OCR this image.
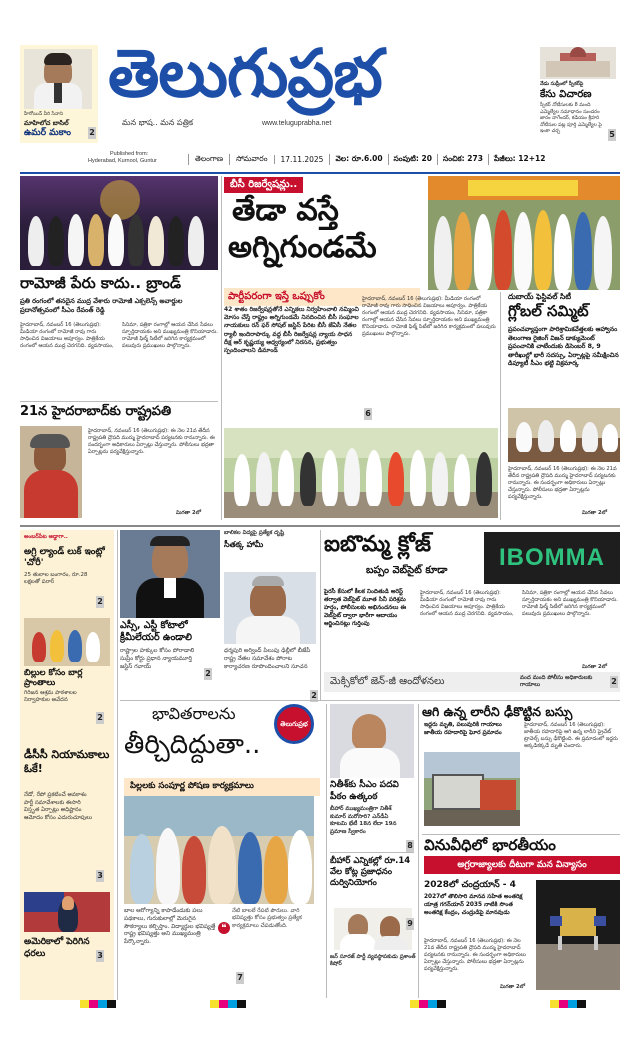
హీరోయిన్ వీరి సేనాని
మాహిలోచ బాసిల్
ఉమర్ మకాం	2
తెలుగుప్రభ
మన భాష.. మన పత్రిక	www.teluguprabha.net
నేడు సుప్రీంలో స్పీకర్‌పై
కేసు విచారణ
స్పీకర్ నోటీసులకు 8 మంది ఎమ్మెల్యేల సమాధానం సుందరం జారం నాగేందర్, కడియం శ్రీహరి నోటీసుల పట్ల పూర్తి ఎమ్మెల్యేల పై ఇంకా చర్చ	5
Published from:
Hyderabad, Kurnool, Guntur	తెలంగాణ	సోమవారం	17.11.2025	వెల: రూ.6.00	సంపుటి: 20	సంచిక: 273	పేజీలు: 12+12
రామోజీ పేరు కాదు.. బ్రాండ్
ప్రతి రంగంలో తనదైన ముద్ర వేశారు రామోజీ ఎక్సలెన్స్ అవార్డుల ప్రదానోత్సవంలో సీఎం రేవంత్ రెడ్డి
హైదరాబాద్, నవంబర్ 16 (తెలుగుప్రభ): మీడియా రంగంలో రామోజీ రావు గారు సాధించిన విజయాలు అపూర్వం. పాత్రికేయ రంగంలో ఆయన ముద్ర చెరగనిది. వ్యవసాయం, సినిమా, పత్రికా రంగాల్లో ఆయన చేసిన సేవలు స్ఫూర్తిదాయకం అని ముఖ్యమంత్రి కొనియాడారు. రామోజీ ఫిల్మ్ సిటీలో జరిగిన కార్యక్రమంలో పలువురు ప్రముఖులు పాల్గొన్నారు.
21న హైదరాబాద్‌కు రాష్ట్రపతి
హైదరాబాద్, నవంబర్ 16 (తెలుగుప్రభ): ఈ నెల 21వ తేదీన రాష్ట్రపతి ద్రౌపది ముర్ము హైదరాబాద్ పర్యటనకు రానున్నారు. ఈ సందర్భంగా అధికారులు ఏర్పాట్లు చేస్తున్నారు. పోలీసులు భద్రతా ఏర్పాట్లను పర్యవేక్షిస్తున్నారు.
మిగతా 2లో
బీసీ రిజర్వేషన్లు..
తేడా వస్తే
అగ్నిగుండమే
పార్టీపరంగా ఇస్తే ఒప్పుకోం
42 శాతం రిజర్వేషన్లతోనే ఎన్నికలు నిర్వహించాలి నమ్మించి మోసం చేస్తే రాష్ట్రం అగ్నిగుండమే నినదించిన బీసీ సంఘాల నాయకులు రన్ ఫర్ సోషల్ జస్టిస్ పేరిట బీసీ జేఏసీ నేతల ర్యాలీ ఇందిరాపార్కు వద్ద బీసీ రిజర్వేషన్ల న్యాయ సాధన దీక్ష ఆర్ కృష్ణయ్య ఆధ్వర్యంలో నిరసన, ప్రభుత్వం స్పందించాలని డిమాండ్
6
హైదరాబాద్, నవంబర్ 16 (తెలుగుప్రభ): మీడియా రంగంలో రామోజీ రావు గారు సాధించిన విజయాలు అపూర్వం. పాత్రికేయ రంగంలో ఆయన ముద్ర చెరగనిది. వ్యవసాయం, సినిమా, పత్రికా రంగాల్లో ఆయన చేసిన సేవలు స్ఫూర్తిదాయకం అని ముఖ్యమంత్రి కొనియాడారు. రామోజీ ఫిల్మ్ సిటీలో జరిగిన కార్యక్రమంలో పలువురు ప్రముఖులు పాల్గొన్నారు.
దుబాయ్ ఫెస్టివల్ సిటీ
గ్లోబల్ సమ్మిట్
ప్రపంచవ్యాప్తంగా పారిశ్రామికవేత్తలకు ఆహ్వానం తెలంగాణ రైజింగ్ విజన్ డాక్యుమెంట్ ప్రపంచానికి చాటేందుకు డిసెంబర్ 8, 9 తారీఖుల్లో భారీ సదస్సు, ఏర్పాట్లపై సమీక్షించిన డిప్యూటీ సీఎం భట్టి విక్రమార్క
హైదరాబాద్, నవంబర్ 16 (తెలుగుప్రభ): ఈ నెల 21వ తేదీన రాష్ట్రపతి ద్రౌపది ముర్ము హైదరాబాద్ పర్యటనకు రానున్నారు. ఈ సందర్భంగా అధికారులు ఏర్పాట్లు చేస్తున్నారు. పోలీసులు భద్రతా ఏర్పాట్లను పర్యవేక్షిస్తున్నారు.
మిగతా 2లో
అంబర్‌పేట అడ్డాగా..
అగ్రి ల్యాండ్ లుక్ ఇంట్లో 'చోరీ'
25 తులాల బంగారం, రూ.28 లక్షలతో పరార్
2
బిల్లుల కోసం బార్ల ప్రాంతాలు
గిరిజన ఆశ్రమ పాఠశాలల నిర్వాహకుల ఆవేదన
2
డీసీసీ నియామకాలు ఓకే!
నేడో, రేపో ప్రకటించే అవకాశం పార్టీ సమావేశాలకు ఈసారి విస్తృత ఏర్పాట్లు అధిష్టానం ఆమోదం కోసం ఎదురుచూపులు
3
అమెరికాలో పెరిగిన ధరలు	3
ఎస్సీ, ఎస్టీ కోటాలో క్రీమీలేయర్ ఉండాలి
రాష్ట్రాల హక్కుల కోసం పోరాడాలి సుప్రీం కోర్టు ప్రధాన న్యాయమూర్తి జస్టిస్ గవాయ్
2
బాలికల విద్యపై ప్రత్యేక దృష్టి
సీతక్క హామీ
ధర్మపురి అర్వింద్ పిలుపు ఢిల్లీలో బీజేపీ రాష్ట్ర నేతల సమావేశం పోరాట కార్యాచరణ రూపొందించాలని సూచన
2
ఐబొమ్మ క్లోజ్	IBOMMA
బప్పం వెబ్‌సైట్ కూడా
పైరసీ కేసులో కీలక నిందితుడి అరెస్ట్ తర్వాత వెబ్‌సైట్ మూత సినీ పరిశ్రమ హర్షం, పోలీసులకు అభినందనలు ఈ వెబ్‌సైట్ ద్వారా భారీగా ఆదాయం ఆర్జించినట్లు గుర్తింపు
హైదరాబాద్, నవంబర్ 16 (తెలుగుప్రభ): మీడియా రంగంలో రామోజీ రావు గారు సాధించిన విజయాలు అపూర్వం. పాత్రికేయ రంగంలో ఆయన ముద్ర చెరగనిది. వ్యవసాయం, సినిమా, పత్రికా రంగాల్లో ఆయన చేసిన సేవలు స్ఫూర్తిదాయకం అని ముఖ్యమంత్రి కొనియాడారు. రామోజీ ఫిల్మ్ సిటీలో జరిగిన కార్యక్రమంలో పలువురు ప్రముఖులు పాల్గొన్నారు.
మిగతా 2లో
మెక్సికోలో జెన్-జీ ఆందోళనలు	వంద మంది పోలీసు అధికారులకు గాయాలు	2
భావితరాలను
తీర్చిదిద్దుతా..
తెలుగుప్రభ
పిల్లలకు సంపూర్ణ పోషణ కార్యక్రమాలు
బాల ఆరోగ్యాన్ని కాపాడేందుకు పలు పథకాలు, గురుకులాల్లో మెరుగైన సౌకర్యాలు కల్పిస్తాం. విద్యార్థుల భవిష్యత్తే రాష్ట్ర భవిష్యత్తు అని ముఖ్యమంత్రి పేర్కొన్నారు.
❝
నేటి బాలలే రేపటి పౌరులు. వారి భవిష్యత్తు కోసం ప్రభుత్వం ప్రత్యేక కార్యక్రమాలు చేపడుతోంది.
7
నితీశ్‌కు సీఎం పదవి పీఠం ఉత్కంఠ
బీహార్ ముఖ్యమంత్రిగా నితీశ్ కుమార్ మరోసారి? ఎన్‌డీఏ కూటమి భేటీ 18న లేదా 19న ప్రమాణ స్వీకారం
8
బీహార్ ఎన్నికల్లో రూ.14 వేల కోట్ల ప్రజాధనం దుర్వినియోగం
జన్ సూరజ్ పార్టీ వ్యవస్థాపకుడు ప్రశాంత్ కిషోర్
9
ఆగి ఉన్న లారీని ఢీకొట్టిన బస్సు
ఇద్దరు మృతి, పలువురికి గాయాలు జాతీయ రహదారిపై ఘోర ప్రమాదం
హైదరాబాద్, నవంబర్ 16 (తెలుగుప్రభ): జాతీయ రహదారిపై ఆగి ఉన్న లారీని ప్రైవేట్ ట్రావెల్స్ బస్సు ఢీకొట్టింది. ఈ ప్రమాదంలో ఇద్దరు అక్కడికక్కడే మృతి చెందారు.
వినువీధిలో భారతీయం
అగ్రరాజ్యాలకు దీటుగా మన విన్యాసం
2028లో చంద్రయాన్ - 4
2027లో తొలిసారి మానవ సహిత అంతరిక్ష యాత్ర గగన్‌యాన్ 2035 నాటికి సొంత అంతరిక్ష కేంద్రం, చంద్రుడిపై మానవుడు
హైదరాబాద్, నవంబర్ 16 (తెలుగుప్రభ): ఈ నెల 21వ తేదీన రాష్ట్రపతి ద్రౌపది ముర్ము హైదరాబాద్ పర్యటనకు రానున్నారు. ఈ సందర్భంగా అధికారులు ఏర్పాట్లు చేస్తున్నారు. పోలీసులు భద్రతా ఏర్పాట్లను పర్యవేక్షిస్తున్నారు.
మిగతా 2లో
